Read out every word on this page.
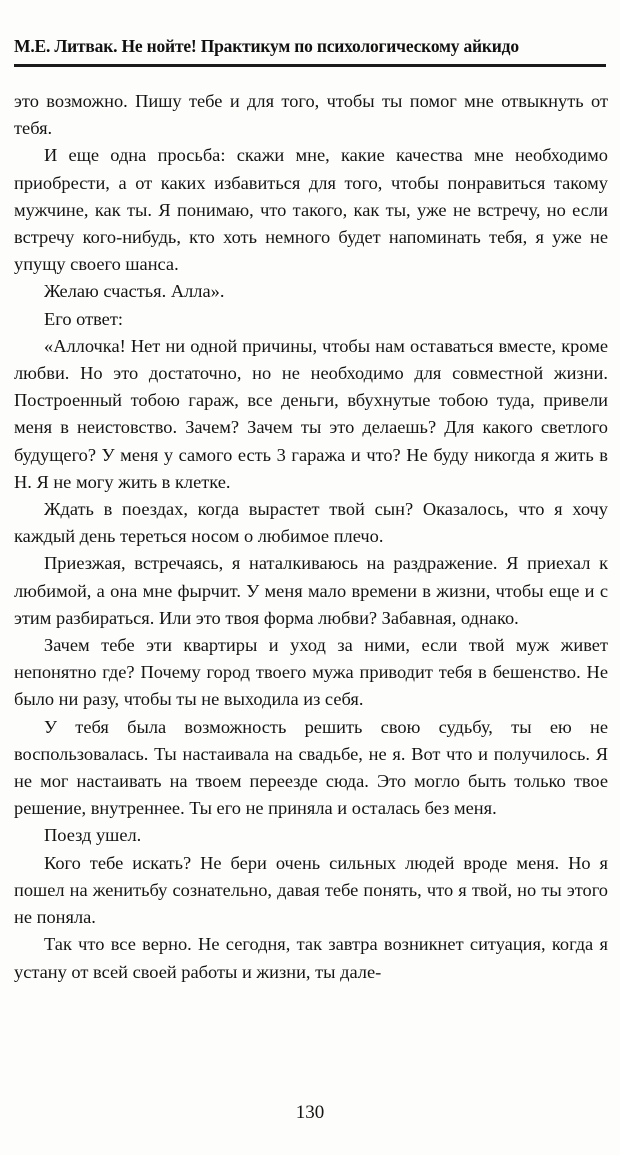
М.Е. Литвак. Не нойте! Практикум по психологическому айкидо

это возможно. Пишу тебе и для того, чтобы ты помог мне отвыкнуть от тебя.

И еще одна просьба: скажи мне, какие качества мне необходимо приобрести, а от каких избавиться для того, чтобы понравиться такому мужчине, как ты. Я понимаю, что такого, как ты, уже не встречу, но если встречу кого-нибудь, кто хоть немного будет напоминать тебя, я уже не упущу своего шанса.

Желаю счастья. Алла».

Его ответ:

«Аллочка! Нет ни одной причины, чтобы нам оставаться вместе, кроме любви. Но это достаточно, но не необходимо для совместной жизни. Построенный тобою гараж, все деньги, вбухнутые тобою туда, привели меня в неистовство. Зачем? Зачем ты это делаешь? Для какого светлого будущего? У меня у самого есть 3 гаража и что? Не буду никогда я жить в Н. Я не могу жить в клетке.

Ждать в поездах, когда вырастет твой сын? Оказалось, что я хочу каждый день тереться носом о любимое плечо.

Приезжая, встречаясь, я наталкиваюсь на раздражение. Я приехал к любимой, а она мне фырчит. У меня мало времени в жизни, чтобы еще и с этим разбираться. Или это твоя форма любви? Забавная, однако.

Зачем тебе эти квартиры и уход за ними, если твой муж живет непонятно где? Почему город твоего мужа приводит тебя в бешенство. Не было ни разу, чтобы ты не выходила из себя.

У тебя была возможность решить свою судьбу, ты ею не воспользовалась. Ты настаивала на свадьбе, не я. Вот что и получилось. Я не мог настаивать на твоем переезде сюда. Это могло быть только твое решение, внутреннее. Ты его не приняла и осталась без меня.

Поезд ушел.

Кого тебе искать? Не бери очень сильных людей вроде меня. Но я пошел на женитьбу сознательно, давая тебе понять, что я твой, но ты этого не поняла.

Так что все верно. Не сегодня, так завтра возникнет ситуация, когда я устану от всей своей работы и жизни, ты дале-

130
